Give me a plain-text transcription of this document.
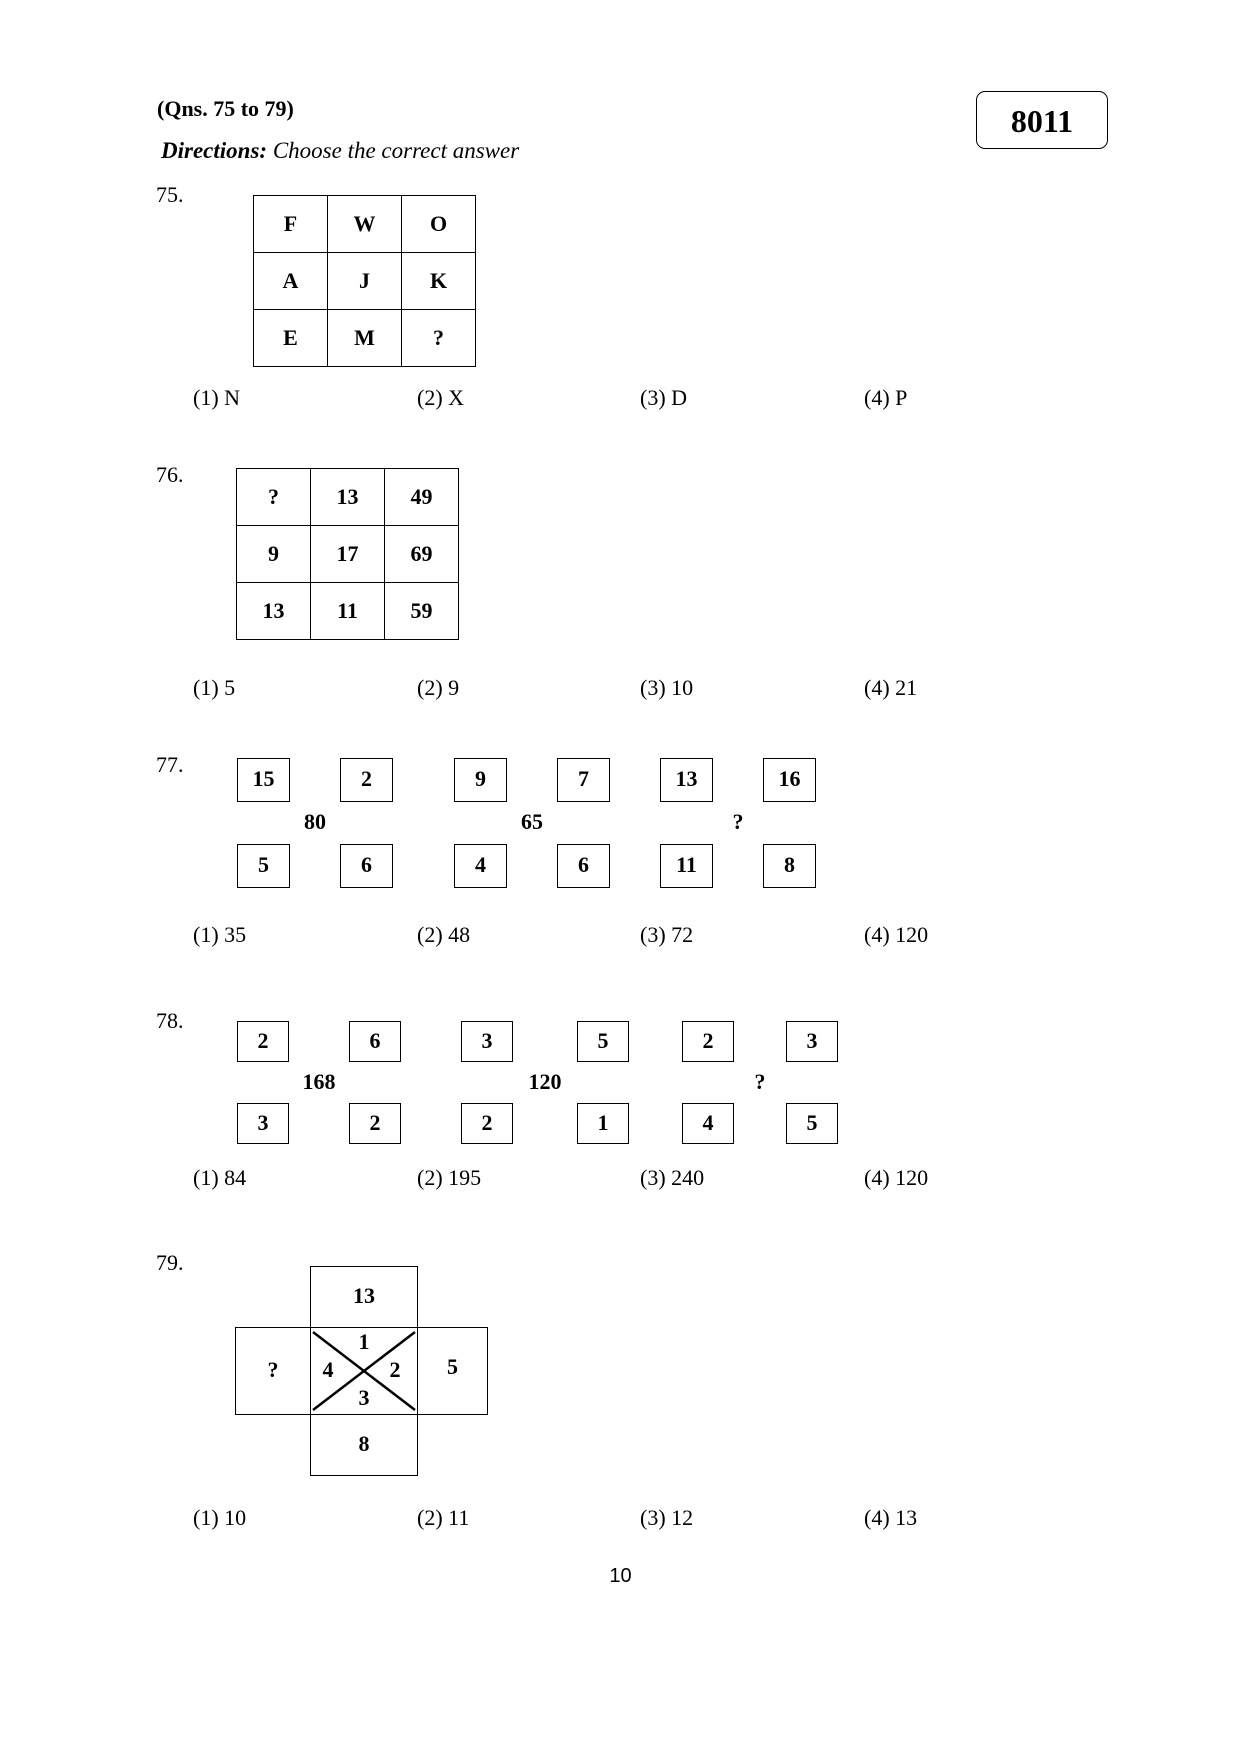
(Qns. 75 to 79)
Directions: Choose the correct answer
8011
75.
F	W	O
A	J	K
E	M	?
(1) N	(2) X	(3) D	(4) P
76.
?	13	49
9	17	69
13	11	59
(1) 5	(2) 9	(3) 10	(4) 21
77.
15	2
80
5	6
9	7
65
4	6
13	16
?
11	8
(1) 35	(2) 48	(3) 72	(4) 120
78.
2	6
168
3	2
3	5
120
2	1
2	3
?
4	5
(1) 84	(2) 195	(3) 240	(4) 120
79.
13
?	5
8
1
4	2
3
(1) 10	(2) 11	(3) 12	(4) 13
10
